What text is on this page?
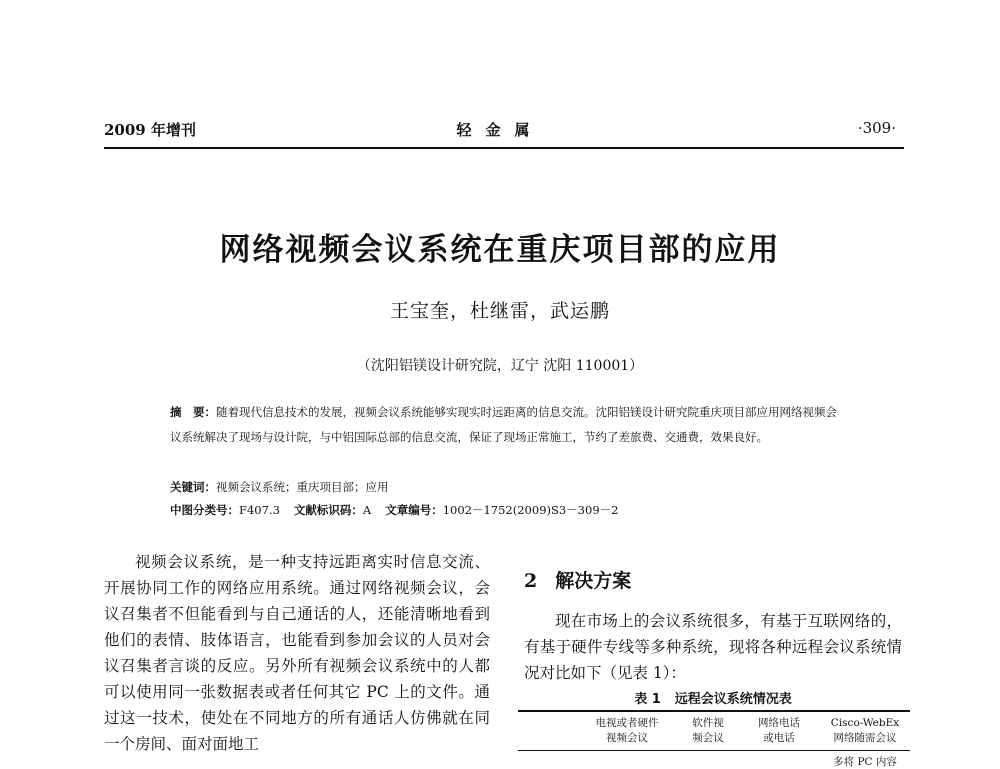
2009 年增刊	轻金属	·309·
网络视频会议系统在重庆项目部的应用
王宝奎，杜继雷，武运鹏
（沈阳铝镁设计研究院，辽宁 沈阳 110001）
摘　要：随着现代信息技术的发展，视频会议系统能够实现实时远距离的信息交流。沈阳铝镁设计研究院重庆项目部应用网络视频会议系统解决了现场与设计院，与中铝国际总部的信息交流，保证了现场正常施工，节约了差旅费、交通费，效果良好。
关键词：视频会议系统；重庆项目部；应用
中图分类号：F407.3 文献标识码：A 文章编号：1002－1752(2009)S3－309－2

视频会议系统，是一种支持远距离实时信息交流、开展协同工作的网络应用系统。通过网络视频会议，会议召集者不但能看到与自己通话的人，还能清晰地看到他们的表情、肢体语言，也能看到参加会议的人员对会议召集者言谈的反应。另外所有视频会议系统中的人都可以使用同一张数据表或者任何其它 PC 上的文件。通过这一技术，使处在不同地方的所有通话人仿佛就在同一个房间、面对面地工

2 解决方案

现在市场上的会议系统很多，有基于互联网络的，有基于硬件专线等多种系统，现将各种远程会议系统情况对比如下（见表 1）：

表 1 远程会议系统情况表
电视或者硬件
视频会议
软件视
频会议
网络电话
或电话
Cisco-WebEx
网络随需会议
多将 PC 内容
